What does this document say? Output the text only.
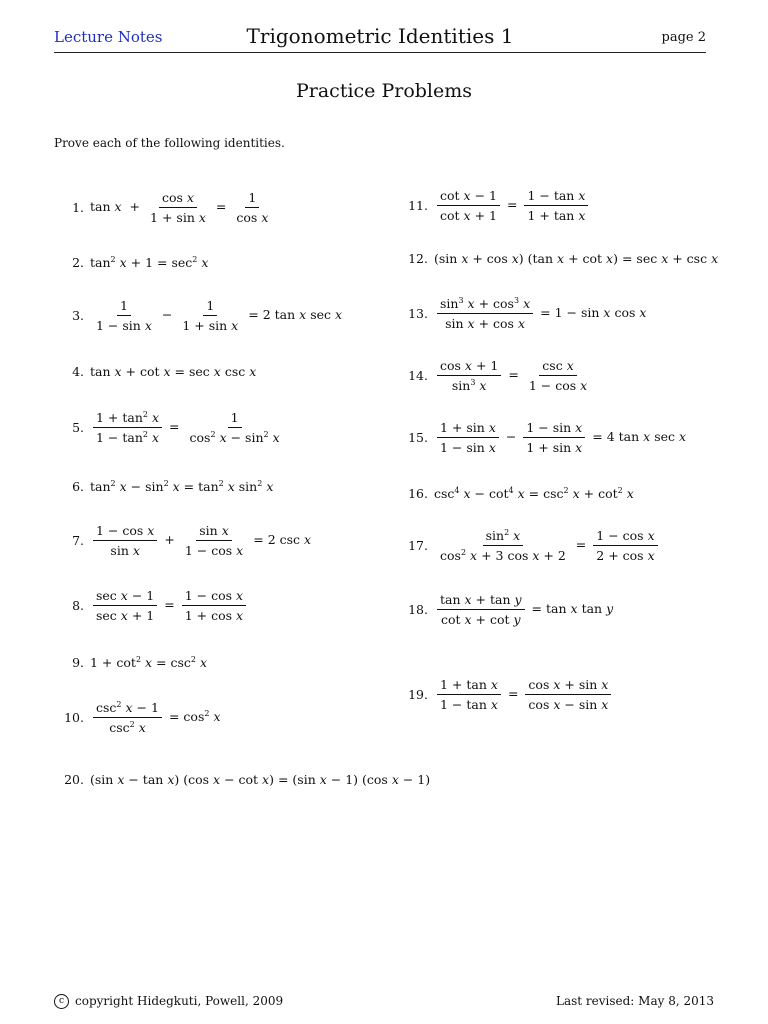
Lecture Notes	Trigonometric Identities 1	page 2
Practice Problems
Prove each of the following identities.
1. $\tan x + \frac{\text{cos x}}{\text{1 + sin x}} = \frac{1}{\text{cos x}}$
2. $\tan^2 x + 1 = \sec^2 x$
3. $\frac{1}{\text{1 − sin x}} - \frac{1}{\text{1 + sin x}} = 2$ tan x sec x
4. tan x + cot x = sec x csc x
5. $\frac{1 + \tan^2 x}{1 - \tan^2 x} = \frac{1}{\cos^2 x - \sin^2 x}$
6. $\tan^2 x - \sin^2 x = \tan^2 x$ $\sin^2 x$
7. $\frac{\text{1 − cos x}}{\text{sin x}} + \frac{\text{sin x}}{\text{1 − cos x}} = 2$ csc x
8. $\frac{\text{sec x − 1}}{\text{sec x + 1}} = \frac{\text{1 − cos x}}{\text{1 + cos x}}$
9. $1 + \cot^2 x = \csc^2 x$
10. $\frac{\csc^2 x - 1}{\csc^2 x} = \cos^2 x$
11. $\frac{\text{cot x − 1}}{\text{cot x + 1}} = \frac{\text{1 − tan x}}{\text{1 + tan x}}$
12. (sin x + cos x) (tan x + cot x) = sec x + csc x
13. $\frac{\sin^3 x + \cos^3 x}{\text{sin x + cos x}} = 1 - \sin x$ cos x
14. $\frac{\text{cos x + 1}}{\sin^3 x} = \frac{\text{csc x}}{\text{1 − cos x}}$
15. $\frac{\text{1 + sin x}}{\text{1 − sin x}} - \frac{\text{1 − sin x}}{\text{1 + sin x}} = 4$ tan x sec x
16. $\csc^4 x - \cot^4 x = \csc^2 x + \cot^2 x$
17. $\frac{\sin^2 x}{\cos^2 x + 3 \cos x + 2} = \frac{\text{1 − cos x}}{\text{2 + cos x}}$
18. $\frac{\text{tan x + tan y}}{\text{cot x + cot y}} = \tan x$ tan y
19. $\frac{\text{1 + tan x}}{\text{1 − tan x}} = \frac{\text{cos x + sin x}}{\text{cos x − sin x}}$
20. (sin x − tan x) (cos x − cot x) = (sin x − 1) (cos x − 1)
c copyright Hidegkuti, Powell, 2009	Last revised: May 8, 2013
